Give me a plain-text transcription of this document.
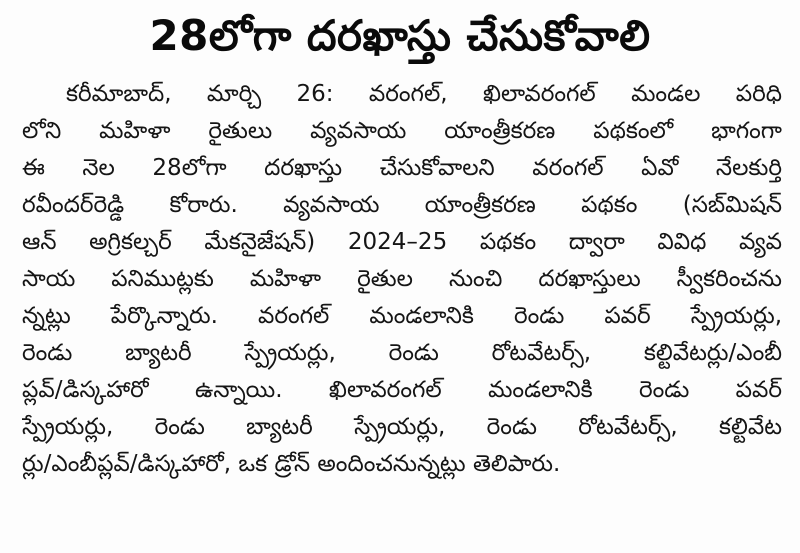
28లోగా దరఖాస్తు చేసుకోవాలి
కరీమాబాద్, మార్చి 26: వరంగల్, ఖిలావరంగల్ మండల పరిధి
లోని మహిళా రైతులు వ్యవసాయ యాంత్రీకరణ పథకంలో భాగంగా
ఈ నెల 28లోగా దరఖాస్తు చేసుకోవాలని వరంగల్ ఏవో నేలకుర్తి
రవీందర్‌రెడ్డి కోరారు. వ్యవసాయ యాంత్రీకరణ పథకం (సబ్‌మిషన్
ఆన్ అగ్రికల్చర్ మేకనైజేషన్) 2024–25 పథకం ద్వారా వివిధ వ్యవ
సాయ పనిముట్లకు మహిళా రైతుల నుంచి దరఖాస్తులు స్వీకరించను
న్నట్లు పేర్కొన్నారు. వరంగల్ మండలానికి రెండు పవర్ స్ప్రేయర్లు,
రెండు బ్యాటరీ స్ప్రేయర్లు, రెండు రోటవేటర్స్, కల్టివేటర్లు/ఎంబీ
ప్లవ్/డిస్కహారో ఉన్నాయి. ఖిలావరంగల్ మండలానికి రెండు పవర్
స్ప్రేయర్లు, రెండు బ్యాటరీ స్ప్రేయర్లు, రెండు రోటవేటర్స్, కల్టివేట
ర్లు/ఎంబీప్లవ్/డిస్కహారో, ఒక డ్రోన్ అందించనున్నట్లు తెలిపారు.
